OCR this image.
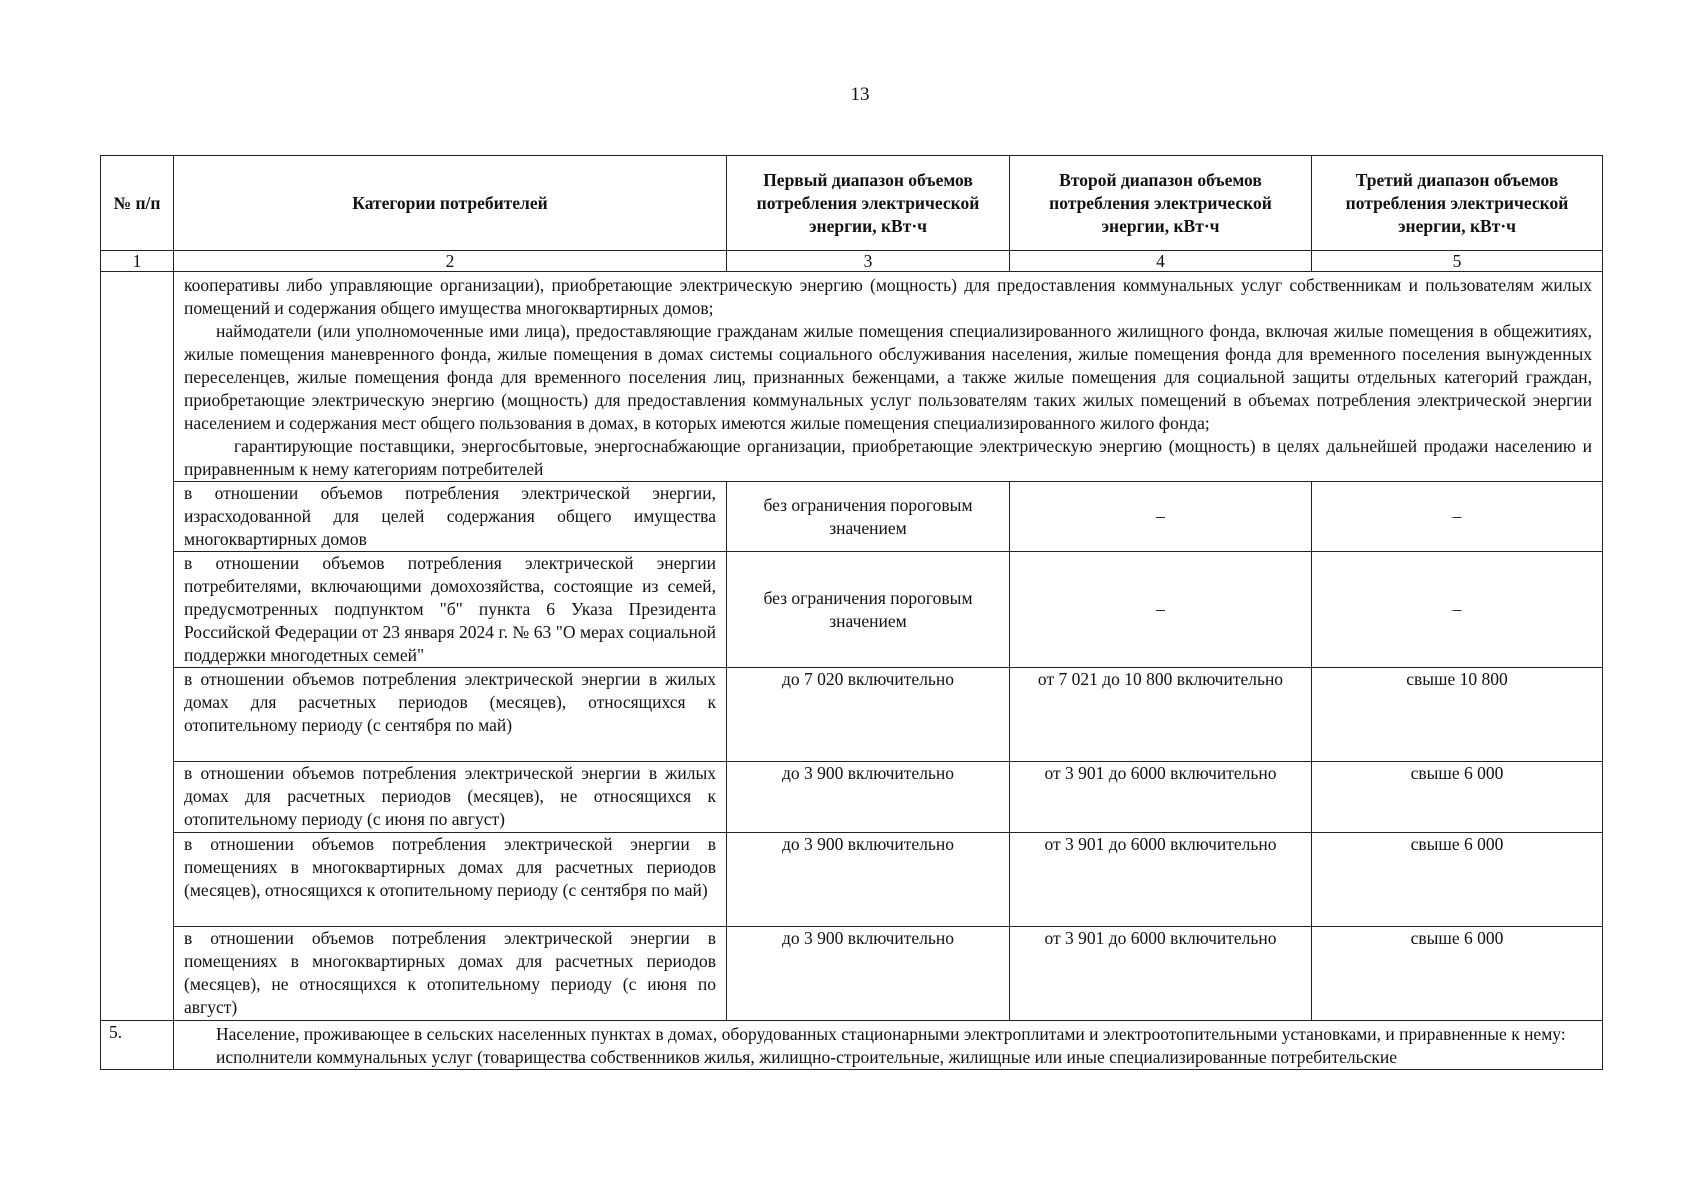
13
№ п/п	Категории потребителей	Первый диапазон объемов потребления электрической энергии, кВт·ч	Второй диапазон объемов потребления электрической энергии, кВт·ч	Третий диапазон объемов потребления электрической энергии, кВт·ч
1	2	3	4	5

	кооперативы либо управляющие организации), приобретающие электрическую энергию (мощность) для предоставления коммунальных услуг собственникам и пользователям жилых помещений и содержания общего имущества многоквартирных домов;

наймодатели (или уполномоченные ими лица), предоставляющие гражданам жилые помещения специализированного жилищного фонда, включая жилые помещения в общежитиях, жилые помещения маневренного фонда, жилые помещения в домах системы социального обслуживания населения, жилые помещения фонда для временного поселения вынужденных переселенцев, жилые помещения фонда для временного поселения лиц, признанных беженцами, а также жилые помещения для социальной защиты отдельных категорий граждан, приобретающие электрическую энергию (мощность) для предоставления коммунальных услуг пользователям таких жилых помещений в объемах потребления электрической энергии населением и содержания мест общего пользования в домах, в которых имеются жилые помещения специализированного жилого фонда;

гарантирующие поставщики, энергосбытовые, энергоснабжающие организации, приобретающие электрическую энергию (мощность) в целях дальнейшей продажи населению и приравненным к нему категориям потребителей			

	в отношении объемов потребления электрической энергии, израсходованной для целей содержания общего имущества многоквартирных домов	без ограничения пороговым значением	–	–
	в отношении объемов потребления электрической энергии потребителями, включающими домохозяйства, состоящие из семей, предусмотренных подпунктом "б" пункта 6 Указа Президента Российской Федерации от 23 января 2024 г. № 63 "О мерах социальной поддержки многодетных семей"	без ограничения пороговым значением	–	–
	в отношении объемов потребления электрической энергии в жилых домах для расчетных периодов (месяцев), относящихся к отопительному периоду (с сентября по май)	до 7 020 включительно	от 7 021 до 10 800 включительно	свыше 10 800
	в отношении объемов потребления электрической энергии в жилых домах для расчетных периодов (месяцев), не относящихся к отопительному периоду (с июня по август)	до 3 900 включительно	от 3 901 до 6000 включительно	свыше 6 000
	в отношении объемов потребления электрической энергии в помещениях в многоквартирных домах для расчетных периодов (месяцев), относящихся к отопительному периоду (с сентября по май)	до 3 900 включительно	от 3 901 до 6000 включительно	свыше 6 000
	в отношении объемов потребления электрической энергии в помещениях в многоквартирных домах для расчетных периодов (месяцев), не относящихся к отопительному периоду (с июня по август)	до 3 900 включительно	от 3 901 до 6000 включительно	свыше 6 000
5.	Население, проживающее в сельских населенных пунктах в домах, оборудованных стационарными электроплитами и электроотопительными установками, и приравненные к нему:

исполнители коммунальных услуг (товарищества собственников жилья, жилищно-строительные, жилищные или иные специализированные потребительские			
